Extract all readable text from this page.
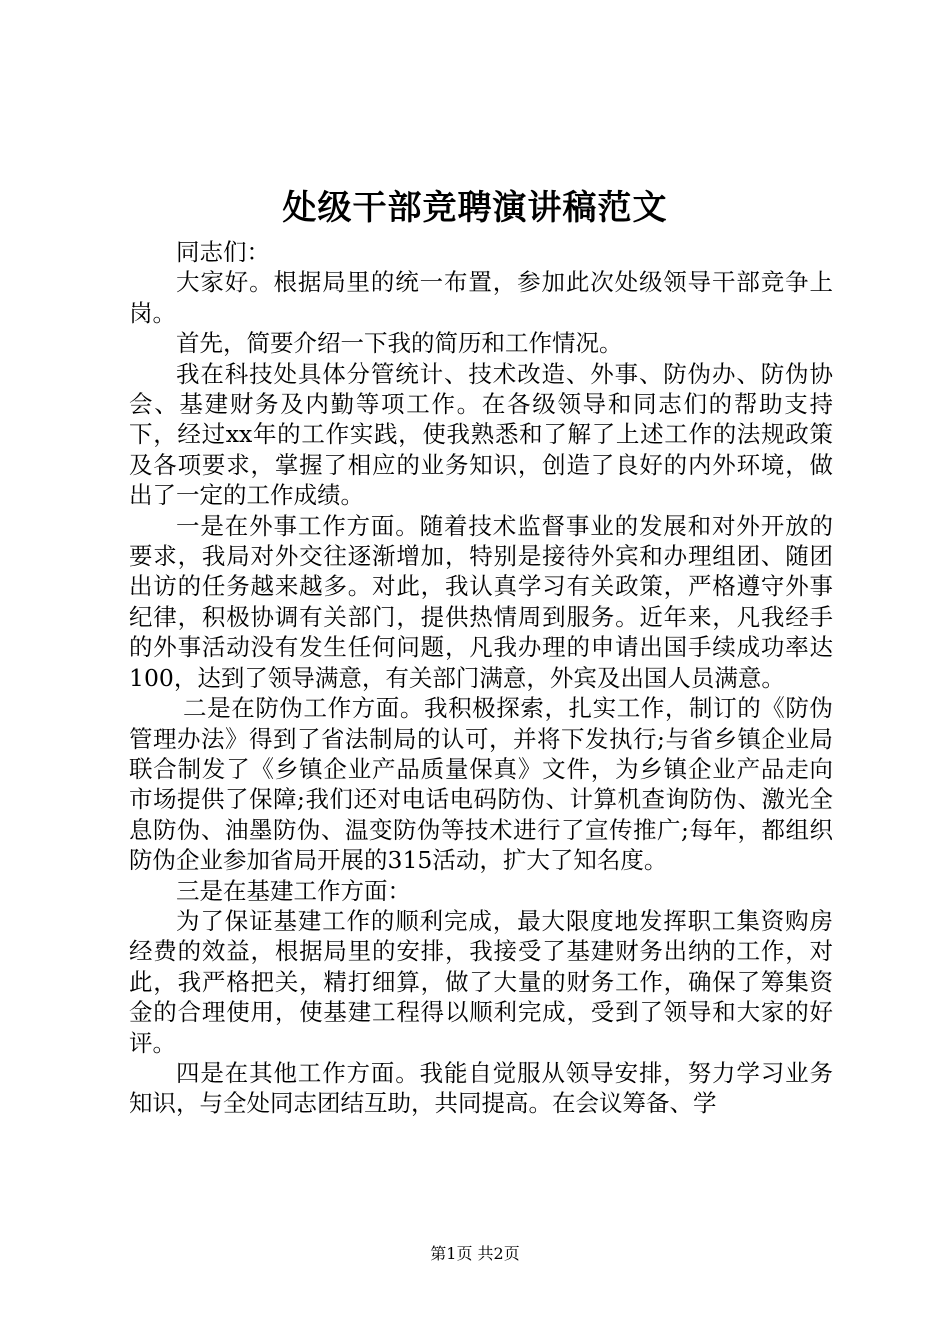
处级干部竞聘演讲稿范文

同志们：

大家好。根据局里的统一布置，参加此次处级领导干部竞争上岗。

首先，简要介绍一下我的简历和工作情况。

我在科技处具体分管统计、技术改造、外事、防伪办、防伪协会、基建财务及内勤等项工作。在各级领导和同志们的帮助支持下，经过xx年的工作实践，使我熟悉和了解了上述工作的法规政策及各项要求，掌握了相应的业务知识，创造了良好的内外环境，做出了一定的工作成绩。

一是在外事工作方面。随着技术监督事业的发展和对外开放的要求，我局对外交往逐渐增加，特别是接待外宾和办理组团、随团出访的任务越来越多。对此，我认真学习有关政策，严格遵守外事纪律，积极协调有关部门，提供热情周到服务。近年来，凡我经手的外事活动没有发生任何问题，凡我办理的申请出国手续成功率达100，达到了领导满意，有关部门满意，外宾及出国人员满意。

二是在防伪工作方面。我积极探索，扎实工作，制订的《防伪管理办法》得到了省法制局的认可，并将下发执行;与省乡镇企业局联合制发了《乡镇企业产品质量保真》文件，为乡镇企业产品走向市场提供了保障;我们还对电话电码防伪、计算机查询防伪、激光全息防伪、油墨防伪、温变防伪等技术进行了宣传推广;每年，都组织防伪企业参加省局开展的315活动，扩大了知名度。

三是在基建工作方面：

为了保证基建工作的顺利完成，最大限度地发挥职工集资购房经费的效益，根据局里的安排，我接受了基建财务出纳的工作，对此，我严格把关，精打细算，做了大量的财务工作，确保了筹集资金的合理使用，使基建工程得以顺利完成，受到了领导和大家的好评。

四是在其他工作方面。我能自觉服从领导安排，努力学习业务知识，与全处同志团结互助，共同提高。在会议筹备、学

第1页 共2页
